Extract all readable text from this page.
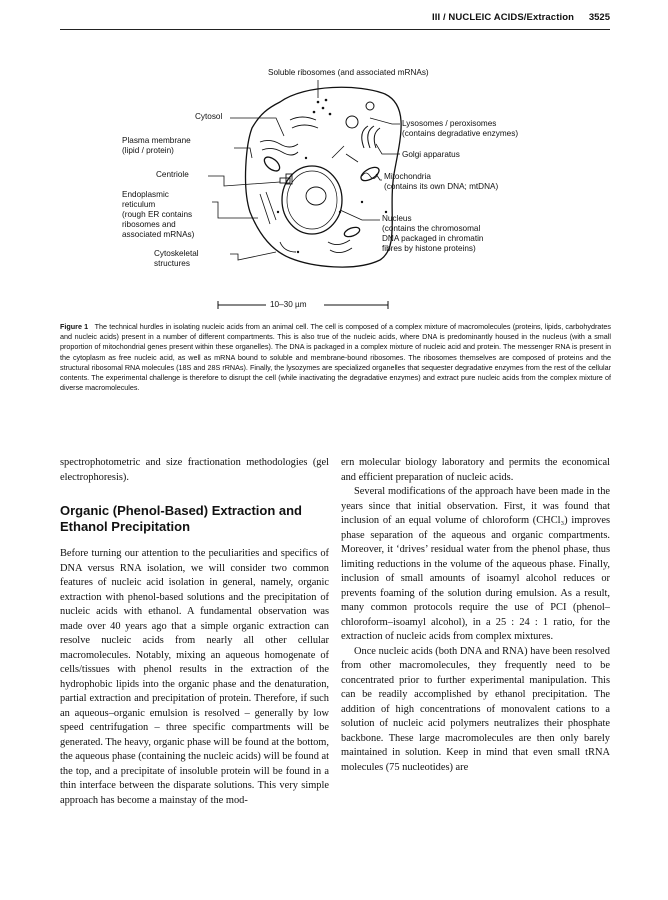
III / NUCLEIC ACIDS/Extraction 3525
Soluble ribosomes (and associated mRNAs)
Cytosol
Plasma membrane
(lipid / protein)
Centriole
Endoplasmic
reticulum
(rough ER contains
ribosomes and
associated mRNAs)
Cytoskeletal
structures
Lysosomes / peroxisomes
(contains degradative enzymes)
Golgi apparatus
Mitochondria
(contains its own DNA; mtDNA)
Nucleus
(contains the chromosomal
DNA packaged in chromatin
fibres by histone proteins)
10–30 µm
Figure 1 The technical hurdles in isolating nucleic acids from an animal cell. The cell is composed of a complex mixture of macromolecules (proteins, lipids, carbohydrates and nucleic acids) present in a number of different compartments. This is also true of the nucleic acids, where DNA is predominantly housed in the nucleus (with a small proportion of mitochondrial genes present within these organelles). The DNA is packaged in a complex mixture of nucleic acid and protein. The messenger RNA is present in the cytoplasm as free nucleic acid, as well as mRNA bound to soluble and membrane-bound ribosomes. The ribosomes themselves are composed of proteins and the structural ribosomal RNA molecules (18S and 28S rRNAs). Finally, the lysozymes are specialized organelles that sequester degradative enzymes from the rest of the cellular contents. The experimental challenge is therefore to disrupt the cell (while inactivating the degradative enzymes) and extract pure nucleic acids from the complex mixture of diverse macromolecules.

spectrophotometric and size fractionation methodologies (gel electrophoresis).

Organic (Phenol-Based) Extraction and Ethanol Precipitation

Before turning our attention to the peculiarities and specifics of DNA versus RNA isolation, we will consider two common features of nucleic acid isolation in general, namely, organic extraction with phenol-based solutions and the precipitation of nucleic acids with ethanol. A fundamental observation was made over 40 years ago that a simple organic extraction can resolve nucleic acids from nearly all other cellular macromolecules. Notably, mixing an aqueous homogenate of cells/tissues with phenol results in the extraction of the hydrophobic lipids into the organic phase and the denaturation, partial extraction and precipitation of protein. Therefore, if such an aqueous–organic emulsion is resolved – generally by low speed centrifugation – three specific compartments will be generated. The heavy, organic phase will be found at the bottom, the aqueous phase (containing the nucleic acids) will be found at the top, and a precipitate of insoluble protein will be found in a thin interface between the disparate solutions. This very simple approach has become a mainstay of the mod-

ern molecular biology laboratory and permits the economical and efficient preparation of nucleic acids.

Several modifications of the approach have been made in the years since that initial observation. First, it was found that inclusion of an equal volume of chloroform (CHCl₃) improves phase separation of the aqueous and organic compartments. Moreover, it ‘drives’ residual water from the phenol phase, thus limiting reductions in the volume of the aqueous phase. Finally, inclusion of small amounts of isoamyl alcohol reduces or prevents foaming of the solution during emulsion. As a result, many common protocols require the use of PCI (phenol–chloroform–isoamyl alcohol), in a 25 : 24 : 1 ratio, for the extraction of nucleic acids from complex mixtures.

Once nucleic acids (both DNA and RNA) have been resolved from other macromolecules, they frequently need to be concentrated prior to further experimental manipulation. This can be readily accomplished by ethanol precipitation. The addition of high concentrations of monovalent cations to a solution of nucleic acid polymers neutralizes their phosphate backbone. These large macromolecules are then only barely maintained in solution. Keep in mind that even small tRNA molecules (75 nucleotides) are
